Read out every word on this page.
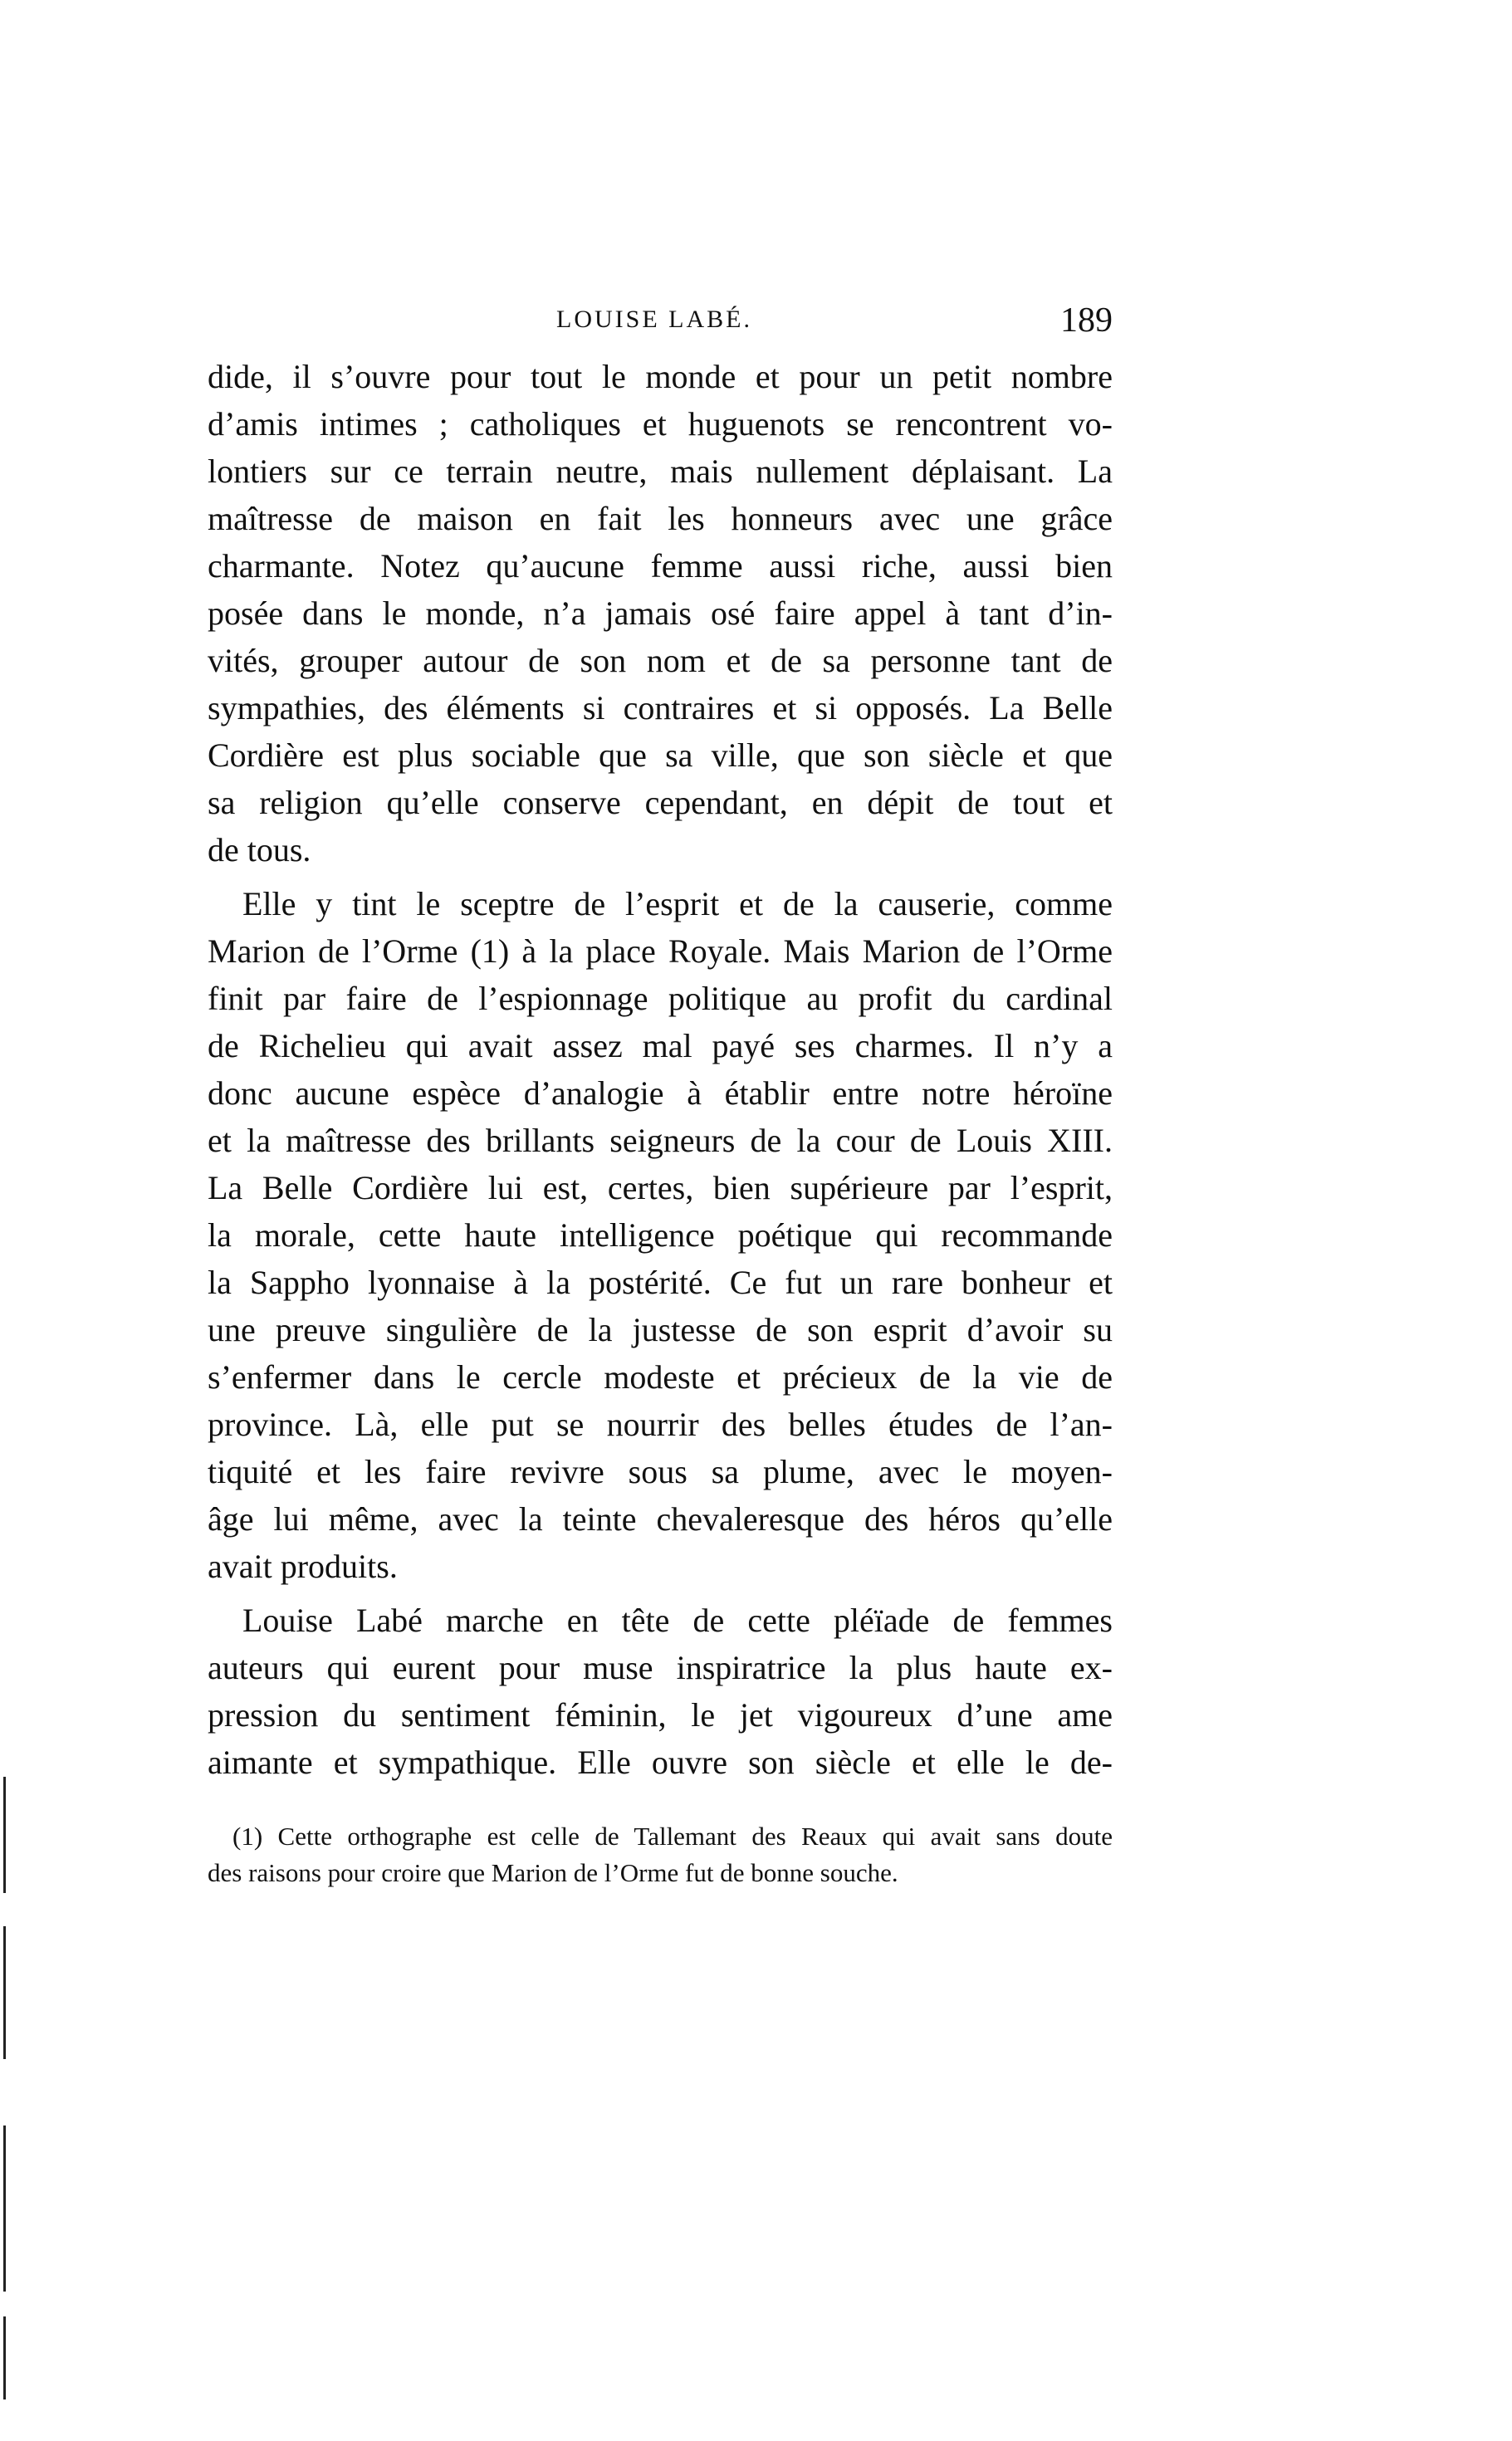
LOUISE LABÉ.	189
dide, il s’ouvre pour tout le monde et pour un petit nombre
d’amis intimes ; catholiques et huguenots se rencontrent vo-
lontiers sur ce terrain neutre, mais nullement déplaisant. La
maîtresse de maison en fait les honneurs avec une grâce
charmante. Notez qu’aucune femme aussi riche, aussi bien
posée dans le monde, n’a jamais osé faire appel à tant d’in-
vités, grouper autour de son nom et de sa personne tant de
sympathies, des éléments si contraires et si opposés. La Belle
Cordière est plus sociable que sa ville, que son siècle et que
sa religion qu’elle conserve cependant, en dépit de tout et
de tous.
Elle y tint le sceptre de l’esprit et de la causerie, comme
Marion de l’Orme (1) à la place Royale. Mais Marion de l’Orme
finit par faire de l’espionnage politique au profit du cardinal
de Richelieu qui avait assez mal payé ses charmes. Il n’y a
donc aucune espèce d’analogie à établir entre notre héroïne
et la maîtresse des brillants seigneurs de la cour de Louis XIII.
La Belle Cordière lui est, certes, bien supérieure par l’esprit,
la morale, cette haute intelligence poétique qui recommande
la Sappho lyonnaise à la postérité. Ce fut un rare bonheur et
une preuve singulière de la justesse de son esprit d’avoir su
s’enfermer dans le cercle modeste et précieux de la vie de
province. Là, elle put se nourrir des belles études de l’an-
tiquité et les faire revivre sous sa plume, avec le moyen-
âge lui même, avec la teinte chevaleresque des héros qu’elle
avait produits.
Louise Labé marche en tête de cette pléïade de femmes
auteurs qui eurent pour muse inspiratrice la plus haute ex-
pression du sentiment féminin, le jet vigoureux d’une ame
aimante et sympathique. Elle ouvre son siècle et elle le de-
(1) Cette orthographe est celle de Tallemant des Reaux qui avait sans doute
des raisons pour croire que Marion de l’Orme fut de bonne souche.
